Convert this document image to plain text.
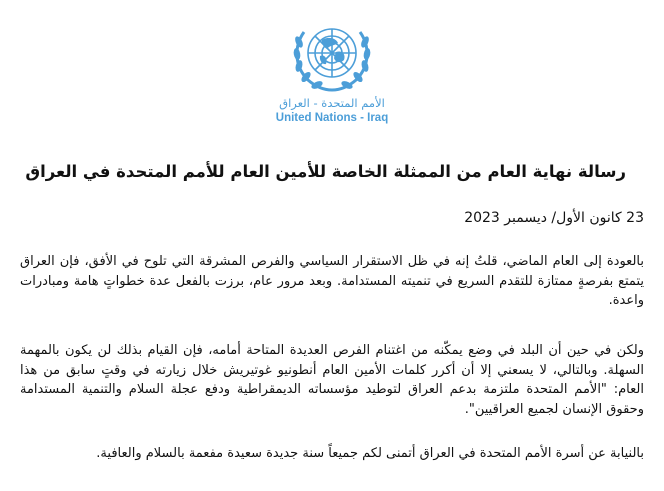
الأمم المتحدة - العراق
United Nations - Iraq
رسالة نهاية العام من الممثلة الخاصة للأمين العام للأمم المتحدة في العراق
23 كانون الأول/ ديسمبر 2023

بالعودة إلى العام الماضي، قلتُ إنه في ظل الاستقرار السياسي والفرص المشرقة التي تلوح في الأفق، فإن العراق يتمتع بفرصةٍ ممتازة للتقدم السريع في تنميته المستدامة. وبعد مرور عام، برزت بالفعل عدة خطواتٍ هامة ومبادرات واعدة.

ولكن في حين أن البلد في وضع يمكّنه من اغتنام الفرص العديدة المتاحة أمامه، فإن القيام بذلك لن يكون بالمهمة السهلة. وبالتالي، لا يسعني إلا أن أكرر كلمات الأمين العام أنطونيو غوتيريش خلال زيارته في وقتٍ سابق من هذا العام: "الأمم المتحدة ملتزمة بدعم العراق لتوطيد مؤسساته الديمقراطية ودفع عجلة السلام والتنمية المستدامة وحقوق الإنسان لجميع العراقيين".

بالنيابة عن أسرة الأمم المتحدة في العراق أتمنى لكم جميعاً سنة جديدة سعيدة مفعمة بالسلام والعافية.
